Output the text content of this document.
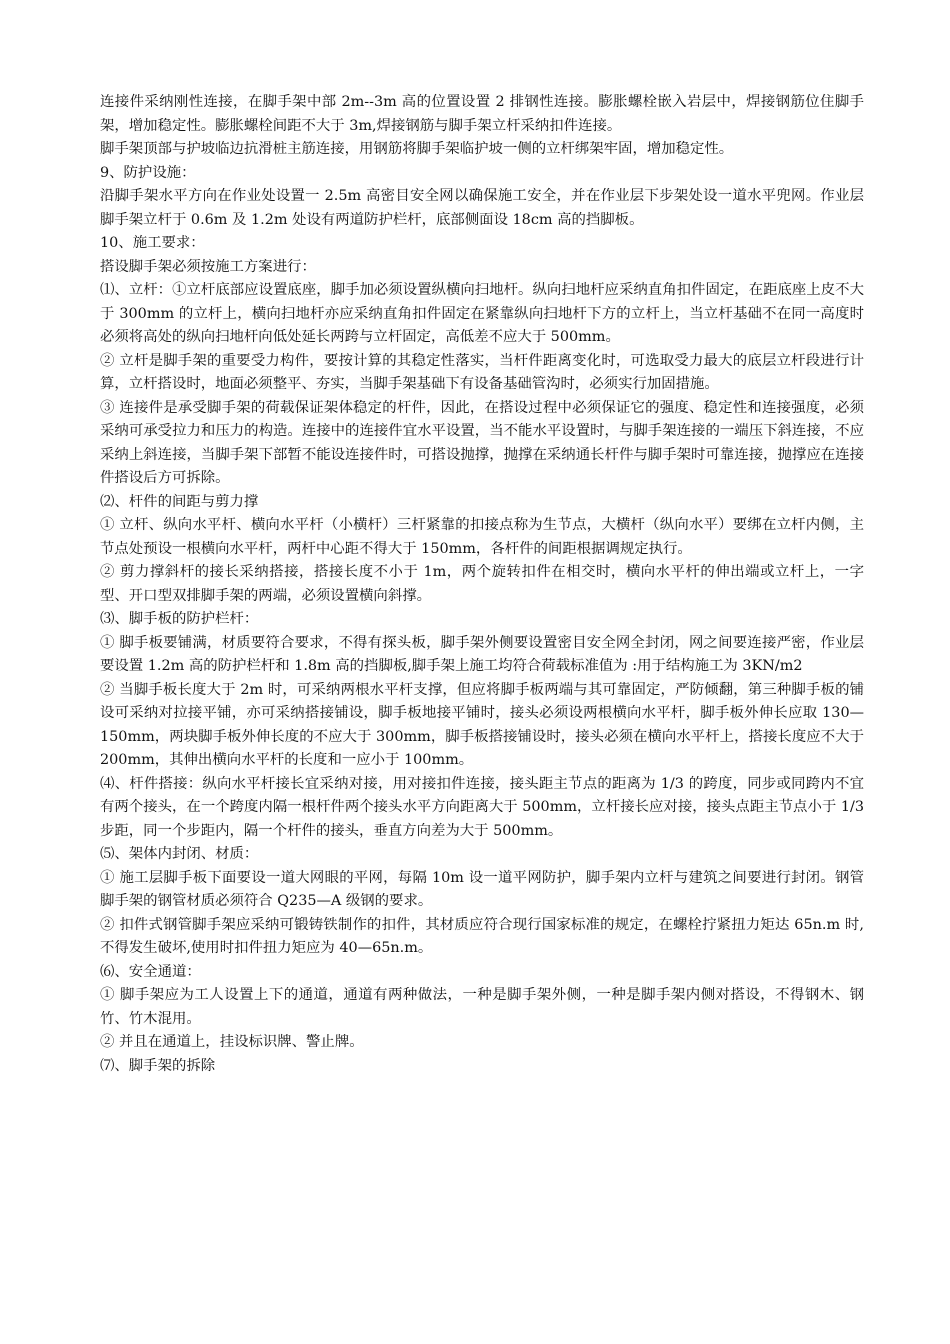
连接件采纳刚性连接，在脚手架中部 2m--3m 高的位置设置 2 排钢性连接。膨胀螺栓嵌入岩层中，焊接钢筋位住脚手架，增加稳定性。膨胀螺栓间距不大于 3m,焊接钢筋与脚手架立杆采纳扣件连接。

脚手架顶部与护坡临边抗滑桩主筋连接，用钢筋将脚手架临护坡一侧的立杆绑架牢固，增加稳定性。

9、防护设施：

沿脚手架水平方向在作业处设置一 2.5m 高密目安全网以确保施工安全，并在作业层下步架处设一道水平兜网。作业层脚手架立杆于 0.6m 及 1.2m 处设有两道防护栏杆，底部侧面设 18cm 高的挡脚板。

10、施工要求：

搭设脚手架必须按施工方案进行：

⑴、立杆：①立杆底部应设置底座，脚手加必须设置纵横向扫地杆。纵向扫地杆应采纳直角扣件固定，在距底座上皮不大于 300mm 的立杆上，横向扫地杆亦应采纳直角扣件固定在紧靠纵向扫地杆下方的立杆上，当立杆基础不在同一高度时必须将高处的纵向扫地杆向低处延长两跨与立杆固定，高低差不应大于 500mm。

② 立杆是脚手架的重要受力构件，要按计算的其稳定性落实，当杆件距离变化时，可选取受力最大的底层立杆段进行计算，立杆搭设时，地面必须整平、夯实，当脚手架基础下有设备基础管沟时，必须实行加固措施。

③ 连接件是承受脚手架的荷载保证架体稳定的杆件，因此，在搭设过程中必须保证它的强度、稳定性和连接强度，必须采纳可承受拉力和压力的构造。连接中的连接件宜水平设置，当不能水平设置时，与脚手架连接的一端压下斜连接，不应采纳上斜连接，当脚手架下部暂不能设连接件时，可搭设抛撑，抛撑在采纳通长杆件与脚手架时可靠连接，抛撑应在连接件搭设后方可拆除。

⑵、杆件的间距与剪力撑

① 立杆、纵向水平杆、横向水平杆（小横杆）三杆紧靠的扣接点称为生节点，大横杆（纵向水平）要绑在立杆内侧，主节点处预设一根横向水平杆，两杆中心距不得大于 150mm，各杆件的间距根据调规定执行。

② 剪力撑斜杆的接长采纳搭接，搭接长度不小于 1m，两个旋转扣件在相交时，横向水平杆的伸出端或立杆上，一字型、开口型双排脚手架的两端，必须设置横向斜撑。

⑶、脚手板的防护栏杆：

① 脚手板要铺满，材质要符合要求，不得有探头板，脚手架外侧要设置密目安全网全封闭，网之间要连接严密，作业层要设置 1.2m 高的防护栏杆和 1.8m 高的挡脚板,脚手架上施工均符合荷载标准值为 :用于结构施工为 3KN/m2

② 当脚手板长度大于 2m 时，可采纳两根水平杆支撑，但应将脚手板两端与其可靠固定，严防倾翻，第三种脚手板的铺设可采纳对拉接平铺，亦可采纳搭接铺设，脚手板地接平铺时，接头必须设两根横向水平杆，脚手板外伸长应取 130—150mm，两块脚手板外伸长度的不应大于 300mm，脚手板搭接铺设时，接头必须在横向水平杆上，搭接长度应不大于 200mm，其伸出横向水平杆的长度和一应小于 100mm。

⑷、杆件搭接：纵向水平杆接长宜采纳对接，用对接扣件连接，接头距主节点的距离为 1/3 的跨度，同步或同跨内不宜有两个接头，在一个跨度内隔一根杆件两个接头水平方向距离大于 500mm，立杆接长应对接，接头点距主节点小于 1/3 步距，同一个步距内，隔一个杆件的接头，垂直方向差为大于 500mm。

⑸、架体内封闭、材质：

① 施工层脚手板下面要设一道大网眼的平网，每隔 10m 设一道平网防护，脚手架内立杆与建筑之间要进行封闭。钢管脚手架的钢管材质必须符合 Q235—A 级钢的要求。

② 扣件式钢管脚手架应采纳可锻铸铁制作的扣件，其材质应符合现行国家标准的规定，在螺栓拧紧扭力矩达 65n.m 时,不得发生破坏,使用时扣件扭力矩应为 40—65n.m。

⑹、安全通道：

① 脚手架应为工人设置上下的通道，通道有两种做法，一种是脚手架外侧，一种是脚手架内侧对搭设，不得钢木、钢竹、竹木混用。

② 并且在通道上，挂设标识牌、警止牌。

⑺、脚手架的拆除
